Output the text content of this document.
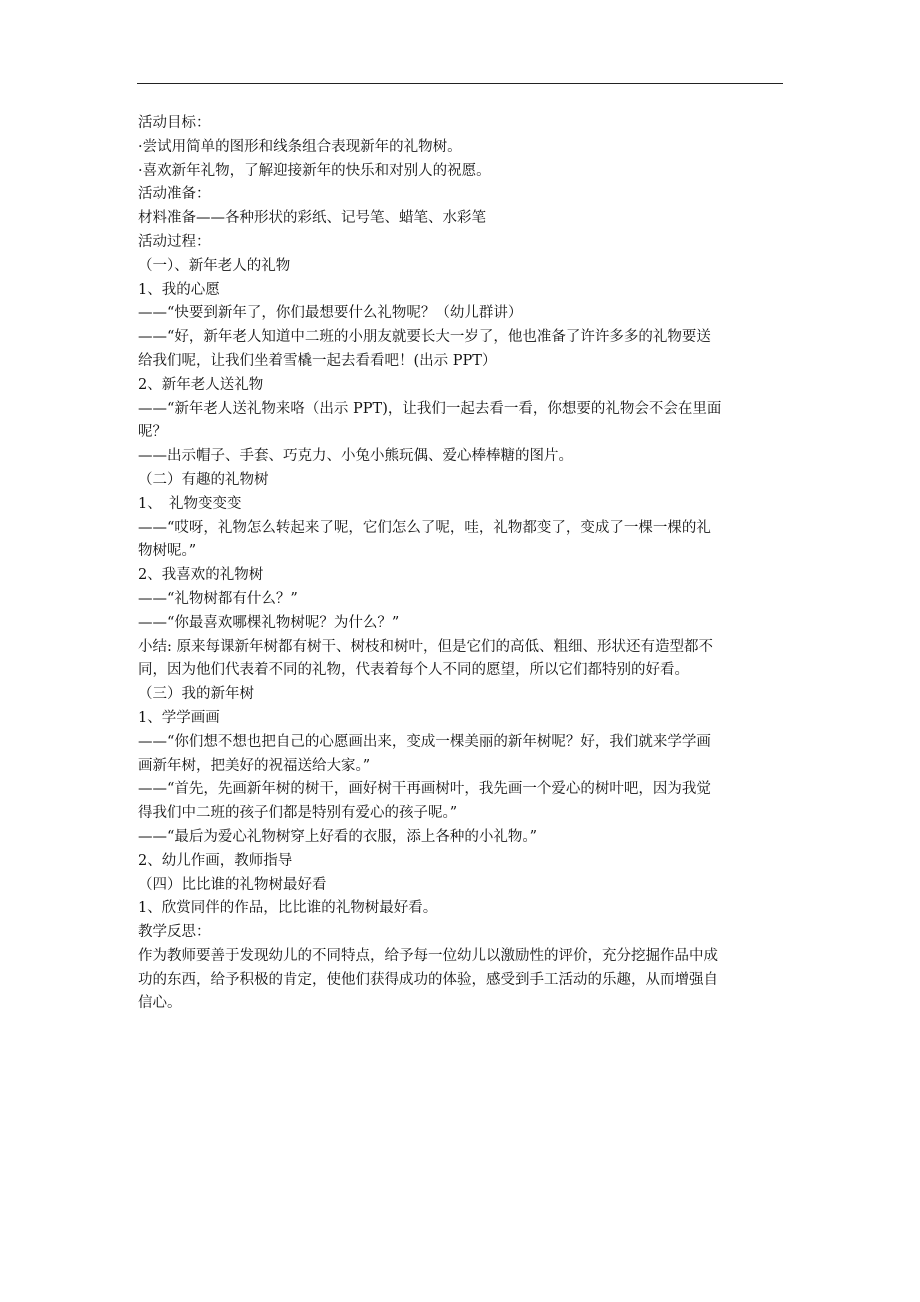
活动目标：
·尝试用简单的图形和线条组合表现新年的礼物树。
·喜欢新年礼物，了解迎接新年的快乐和对别人的祝愿。
活动准备：
材料准备——各种形状的彩纸、记号笔、蜡笔、水彩笔
活动过程：
（一）、新年老人的礼物
1、我的心愿
——“快要到新年了，你们最想要什么礼物呢？（幼儿群讲）
——“好，新年老人知道中二班的小朋友就要长大一岁了，他也准备了许许多多的礼物要送
给我们呢，让我们坐着雪橇一起去看看吧！(出示 PPT）
2、新年老人送礼物
——“新年老人送礼物来咯（出示 PPT)，让我们一起去看一看，你想要的礼物会不会在里面
呢？
——出示帽子、手套、巧克力、小兔小熊玩偶、爱心棒棒糖的图片。
（二）有趣的礼物树
1、　礼物变变变
——“哎呀，礼物怎么转起来了呢，它们怎么了呢，哇，礼物都变了，变成了一棵一棵的礼
物树呢。”
2、我喜欢的礼物树
——“礼物树都有什么？”
——“你最喜欢哪棵礼物树呢？为什么？”
小结: 原来每课新年树都有树干、树枝和树叶，但是它们的高低、粗细、形状还有造型都不
同，因为他们代表着不同的礼物，代表着每个人不同的愿望，所以它们都特别的好看。
（三）我的新年树
1、学学画画
——“你们想不想也把自己的心愿画出来，变成一棵美丽的新年树呢？好，我们就来学学画
画新年树，把美好的祝福送给大家。”
——“首先，先画新年树的树干，画好树干再画树叶，我先画一个爱心的树叶吧，因为我觉
得我们中二班的孩子们都是特别有爱心的孩子呢。”
——“最后为爱心礼物树穿上好看的衣服，添上各种的小礼物。”
2、幼儿作画，教师指导
（四）比比谁的礼物树最好看
1、欣赏同伴的作品，比比谁的礼物树最好看。
教学反思：
作为教师要善于发现幼儿的不同特点，给予每一位幼儿以激励性的评价，充分挖掘作品中成
功的东西，给予积极的肯定，使他们获得成功的体验，感受到手工活动的乐趣，从而增强自
信心。
